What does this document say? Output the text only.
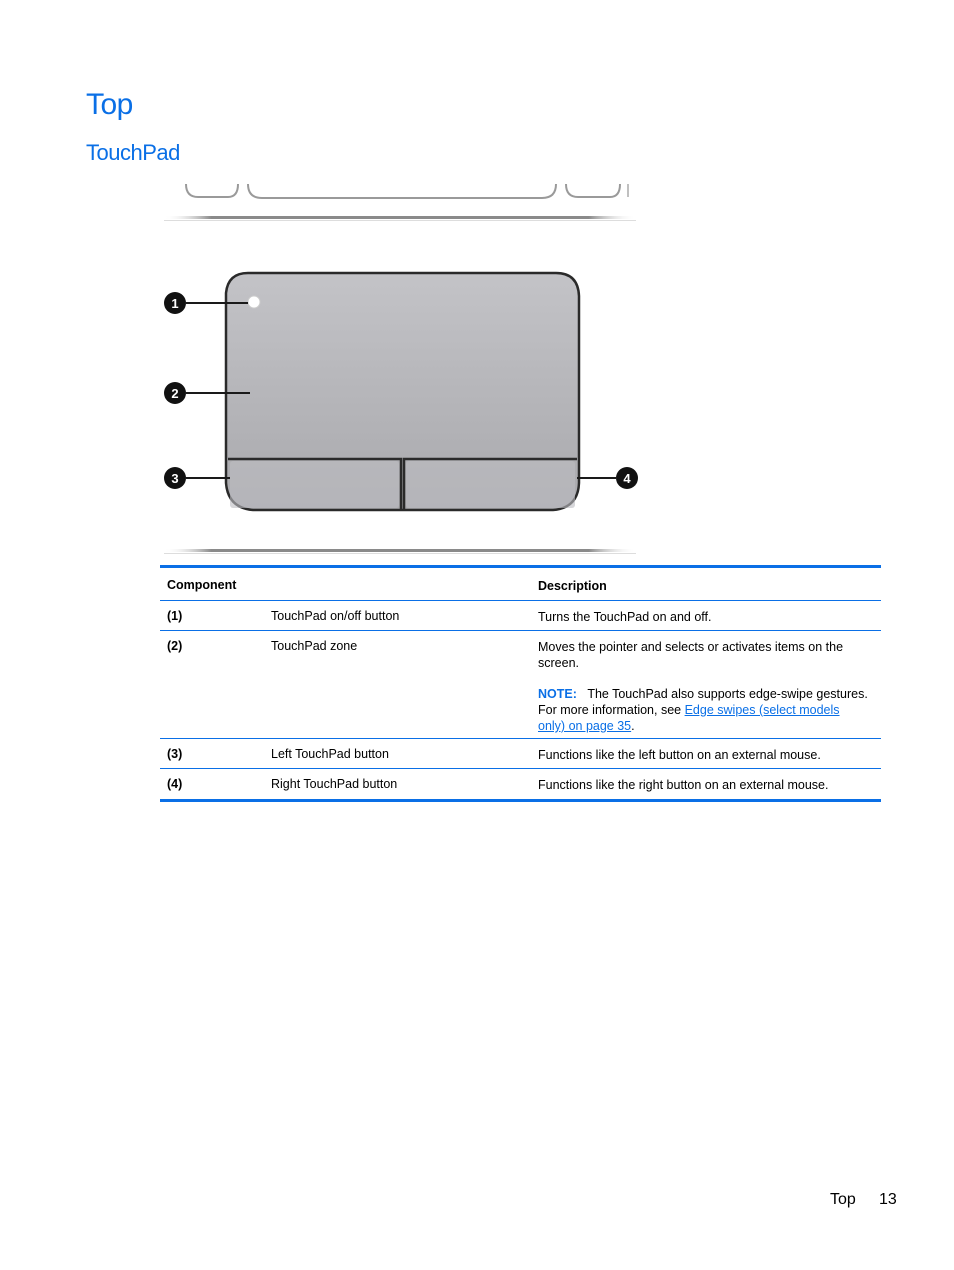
Top
TouchPad
1
2
3	4
Component	Description
(1)	TouchPad on/off button	Turns the TouchPad on and off.
(2)	TouchPad zone	Moves the pointer and selects or activates items on the screen.
NOTE: The TouchPad also supports edge-swipe gestures. For more information, see Edge swipes (select models only) on page 35.
(3)	Left TouchPad button	Functions like the left button on an external mouse.
(4)	Right TouchPad button	Functions like the right button on an external mouse.
Top 13
